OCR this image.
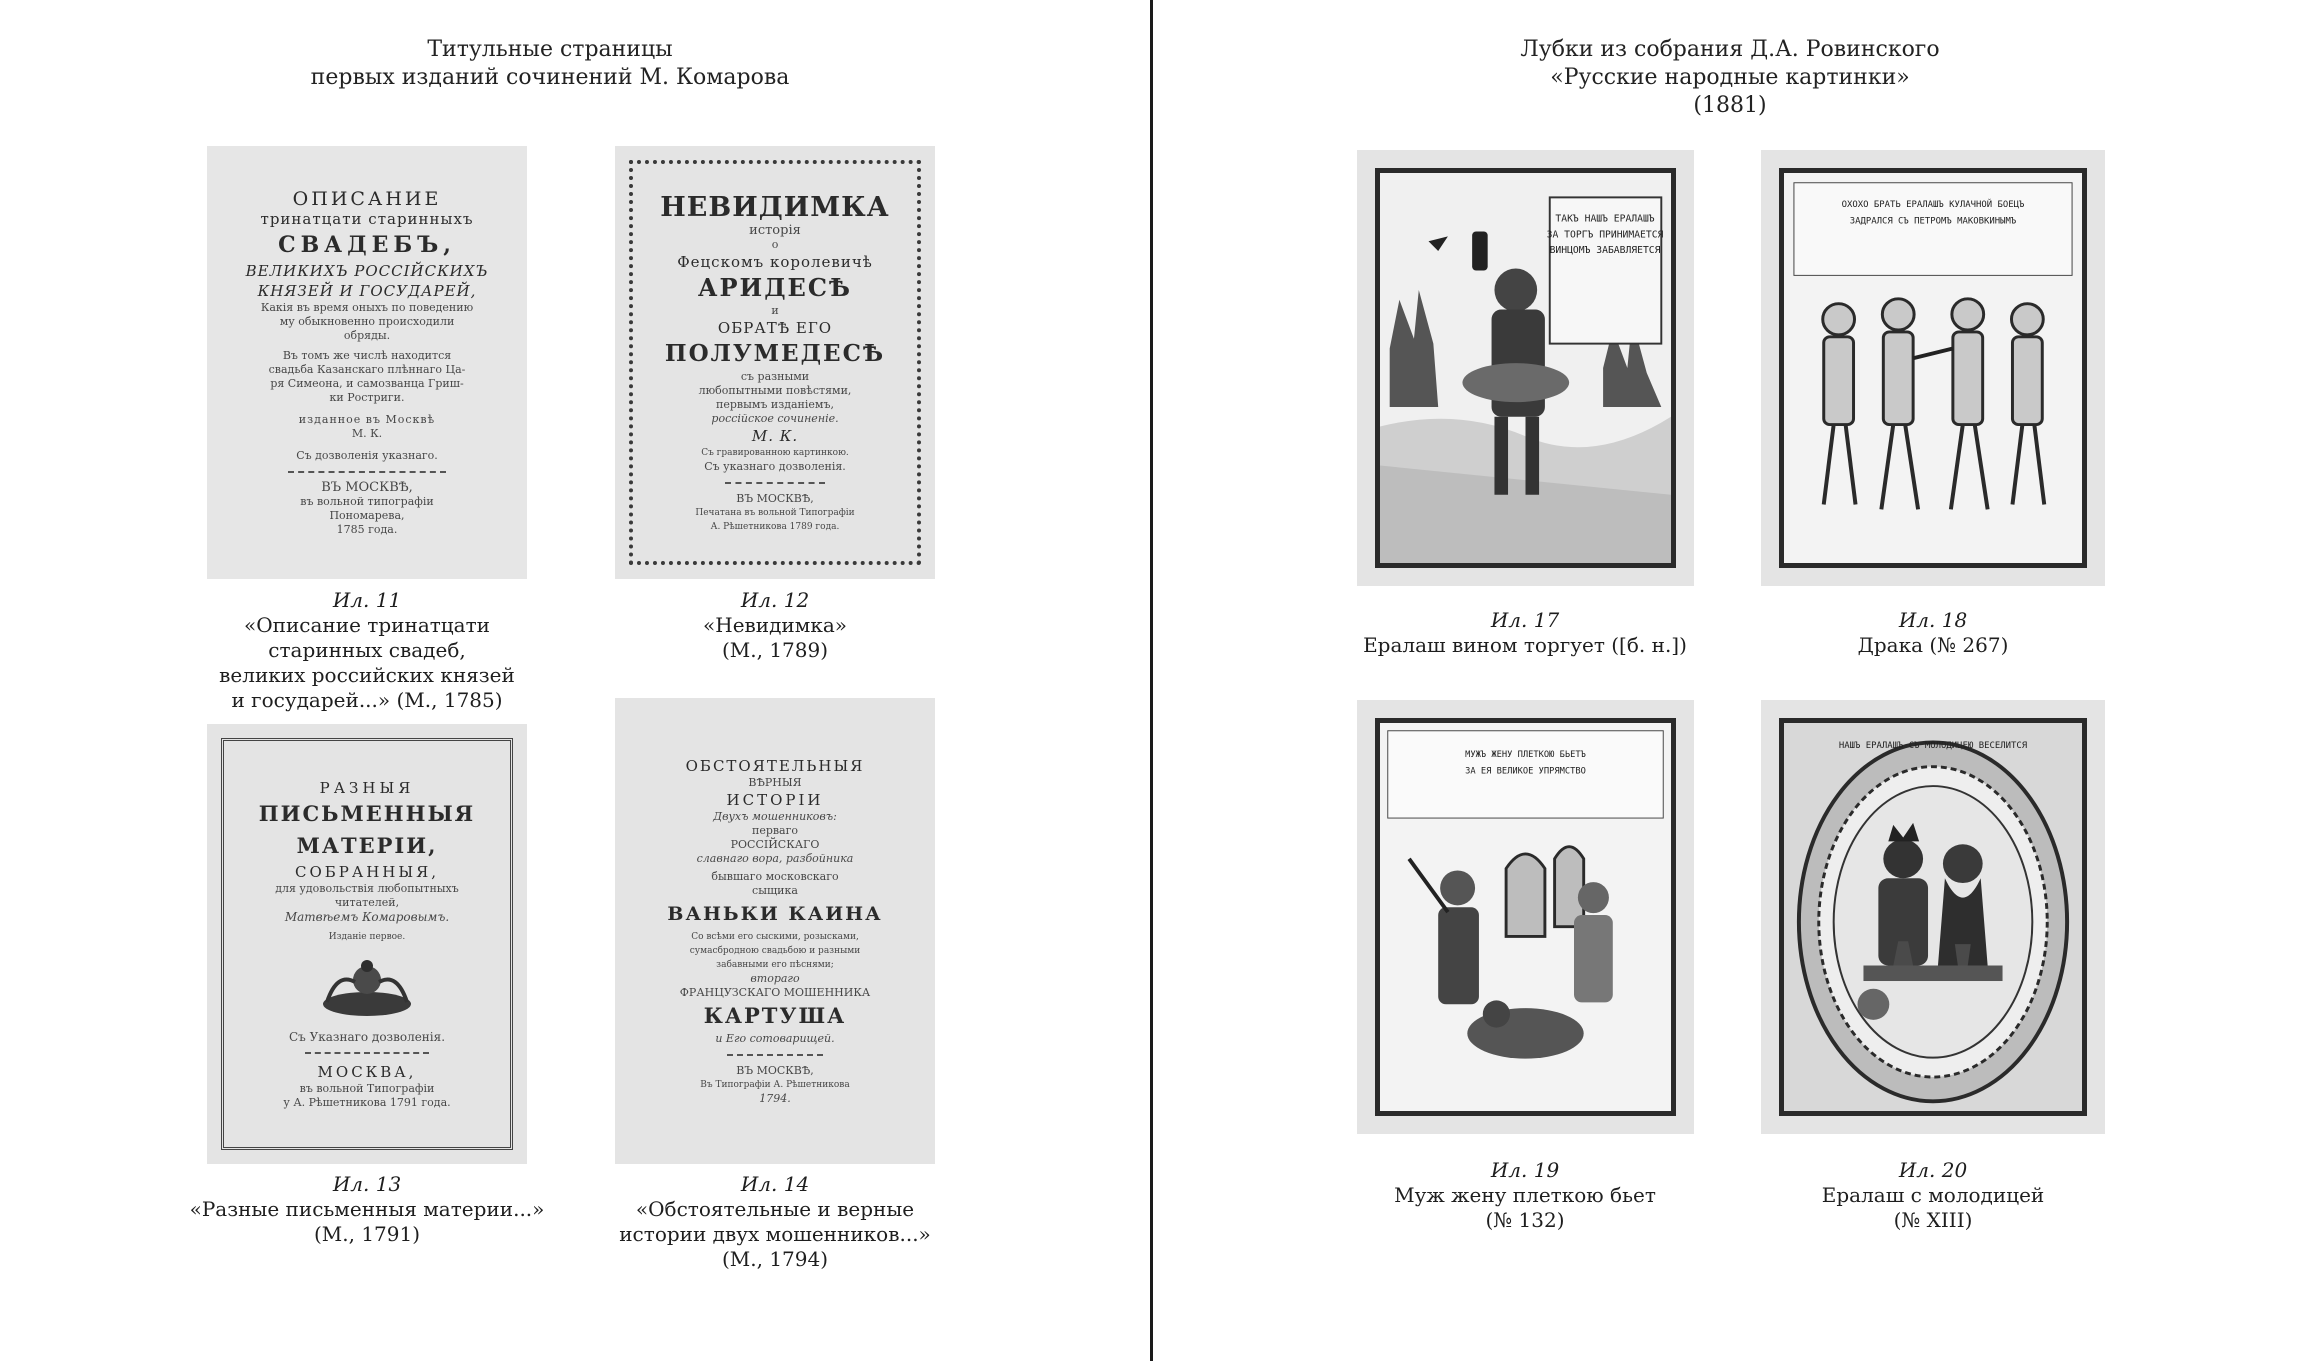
Титульные страницы
первых изданий сочинений М. Комарова
ОПИСАНИЕ
тринатцати старинныхъ
СВАДЕБЪ,
ВЕЛИКИХЪ РОССІЙСКИХЪ
КНЯЗЕЙ И ГОСУДАРЕЙ,
Какія въ время оныхъ по поведению
му обыкновенно происходили
обряды.
Въ томъ же числѣ находится
свадьба Казанскаго плѣннаго Ца-
ря Симеона, и самозванца Гриш-
ки Ростриги.
изданное въ Москвѣ
М. К.
Съ дозволенія указнаго.
ВЪ МОСКВѢ,
въ вольной типографіи
Пономарева,
1785 года.
Ил. 11
«Описание тринатцати
старинных свадеб,
великих российских князей
и государей...» (М., 1785)
НЕВИДИМКА
исторія
о
Фецскомъ королевичѣ
АРИДЕСѢ
и
ОБРАТѢ ЕГО
ПОЛУМЕДЕСѢ
съ разными
любопытными повѣстями,
первымъ изданіемъ,
россійское сочиненіе.
М. К.
Съ гравированною картинкою.
Съ указнаго дозволенія.
ВЪ МОСКВѢ,
Печатана въ вольной Типографіи
А. Рѣшетникова 1789 года.
Ил. 12
«Невидимка»
(М., 1789)
РАЗНЫЯ
ПИСЬМЕННЫЯ
МАТЕРІИ,
СОБРАННЫЯ,
для удовольствія любопытныхъ
читателей,
Матвѣемъ Комаровымъ.
Изданіе первое.
Съ Указнаго дозволенія.
МОСКВА,
въ вольной Типографіи
у А. Рѣшетникова 1791 года.
Ил. 13
«Разные письменныя материи...»
(М., 1791)
ОБСТОЯТЕЛЬНЫЯ
ВѢРНЫЯ
ИСТОРІИ
Двухъ мошенниковъ:
перваго
РОССІЙСКАГО
славнаго вора, разбойника
бывшаго московскаго
сыщика
ВАНЬКИ КАИНА
Со всѣми его сыскими, розысками,
сумасбродною свадьбою и разными
забавными его пѣснями;
втораго
ФРАНЦУЗСКАГО МОШЕННИКА
КАРТУША
и Его сотоварищей.
ВЪ МОСКВѢ,
Въ Типографіи А. Рѣшетникова
1794.
Ил. 14
«Обстоятельные и верные
истории двух мошенников...»
(М., 1794)
Лубки из собрания Д.А. Ровинского
«Русские народные картинки»
(1881)
ТАКЪ НАШЪ ЕРАЛАШЪ
ЗА ТОРГЪ ПРИНИМАЕТСЯ
ВИНЦОМЪ ЗАБАВЛЯЕТСЯ
Ил. 17
Ералаш вином торгует ([б. н.])
ОХОХО БРАТЬ ЕРАЛАШЪ КУЛАЧНОЙ БОЕЦЪ
ЗАДРАЛСЯ СЪ ПЕТРОМЪ МАКОВКИНЫМЪ
Ил. 18
Драка (№ 267)
МУЖЪ ЖЕНУ ПЛЕТКОЮ БЬЕТЪ
ЗА ЕЯ ВЕЛИКОЕ УПРЯМСТВО
Ил. 19
Муж жену плеткою бьет
(№ 132)
НАШЪ ЕРАЛАШЪ СЪ МОЛОДИЦЕЮ ВЕСЕЛИТСЯ
Ил. 20
Ералаш с молодицей
(№ XIII)
